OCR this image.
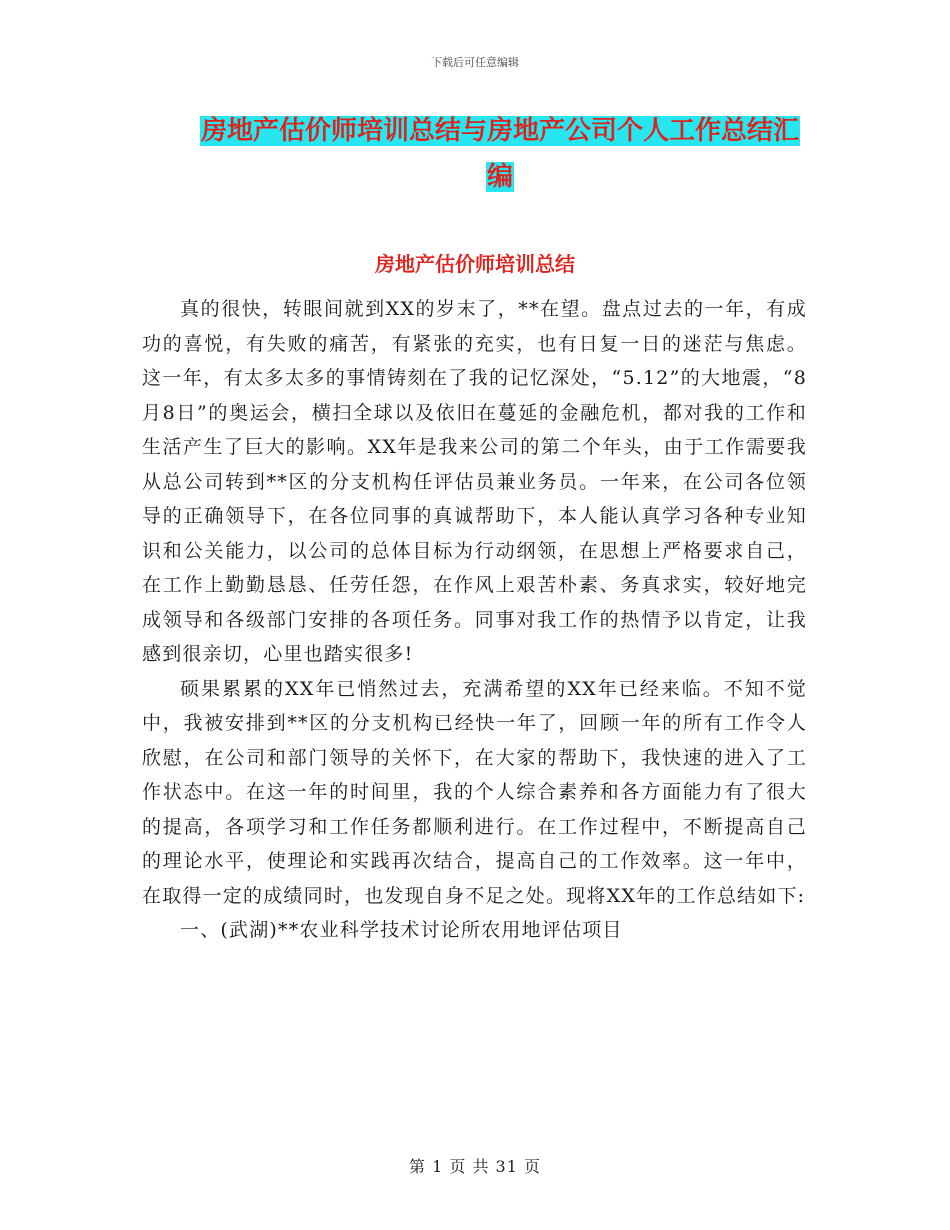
下载后可任意编辑
房地产估价师培训总结与房地产公司个人工作总结汇
编
房地产估价师培训总结

真的很快，转眼间就到XX的岁末了，**在望。盘点过去的一年，有成功的喜悦，有失败的痛苦，有紧张的充实，也有日复一日的迷茫与焦虑。这一年，有太多太多的事情铸刻在了我的记忆深处，“5.12”的大地震，“8月8日”的奥运会，横扫全球以及依旧在蔓延的金融危机，都对我的工作和生活产生了巨大的影响。XX年是我来公司的第二个年头，由于工作需要我从总公司转到**区的分支机构任评估员兼业务员。一年来，在公司各位领导的正确领导下，在各位同事的真诚帮助下，本人能认真学习各种专业知识和公关能力，以公司的总体目标为行动纲领，在思想上严格要求自己，在工作上勤勤恳恳、任劳任怨，在作风上艰苦朴素、务真求实，较好地完成领导和各级部门安排的各项任务。同事对我工作的热情予以肯定，让我感到很亲切，心里也踏实很多!

硕果累累的XX年已悄然过去，充满希望的XX年已经来临。不知不觉中，我被安排到**区的分支机构已经快一年了，回顾一年的所有工作令人欣慰，在公司和部门领导的关怀下，在大家的帮助下，我快速的进入了工作状态中。在这一年的时间里，我的个人综合素养和各方面能力有了很大的提高，各项学习和工作任务都顺利进行。在工作过程中，不断提高自己的理论水平，使理论和实践再次结合，提高自己的工作效率。这一年中，在取得一定的成绩同时，也发现自身不足之处。现将XX年的工作总结如下:

一、(武湖)**农业科学技术讨论所农用地评估项目

第 1 页 共 31 页
